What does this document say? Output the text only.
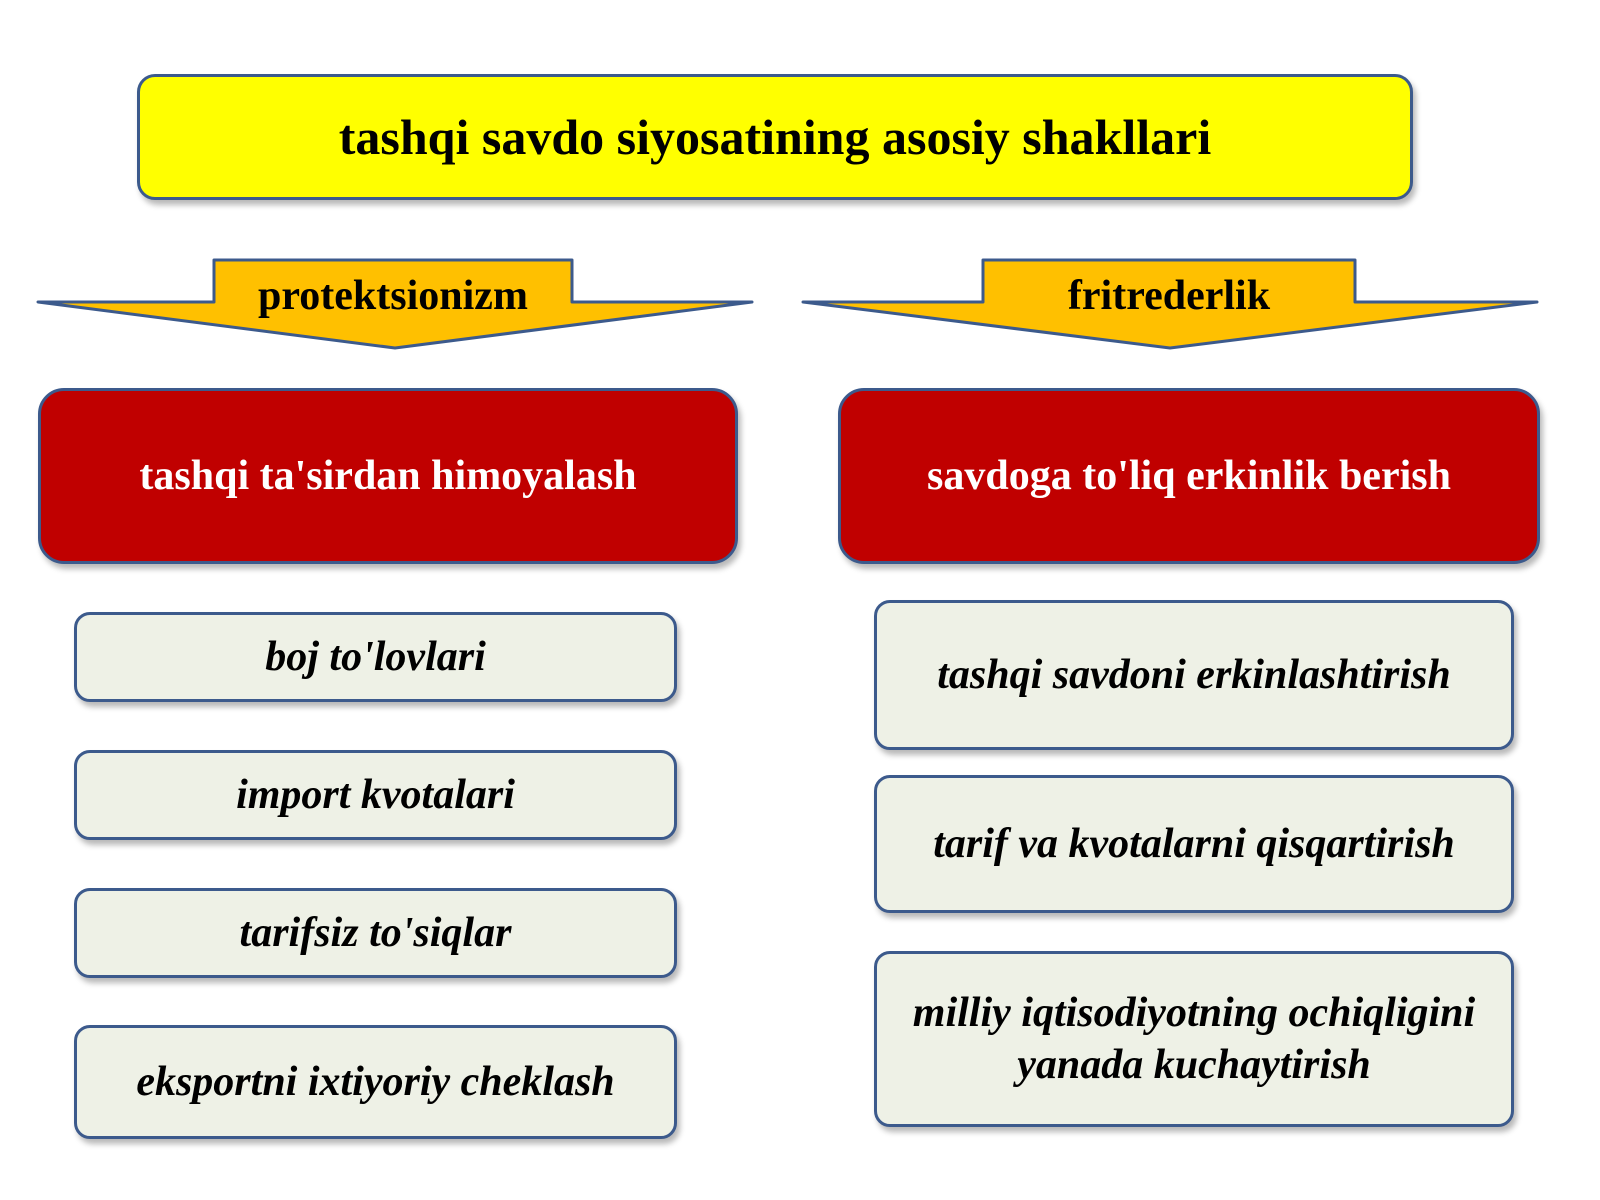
tashqi savdo siyosatining asosiy shakllari
protektsionizm	fritrederlik
tashqi ta'sirdan himoyalash	savdoga to'liq erkinlik berish
boj to'lovlari
import kvotalari
tarifsiz to'siqlar
eksportni ixtiyoriy cheklash
tashqi savdoni erkinlashtirish
tarif va kvotalarni qisqartirish
milliy iqtisodiyotning ochiqligini yanada kuchaytirish
